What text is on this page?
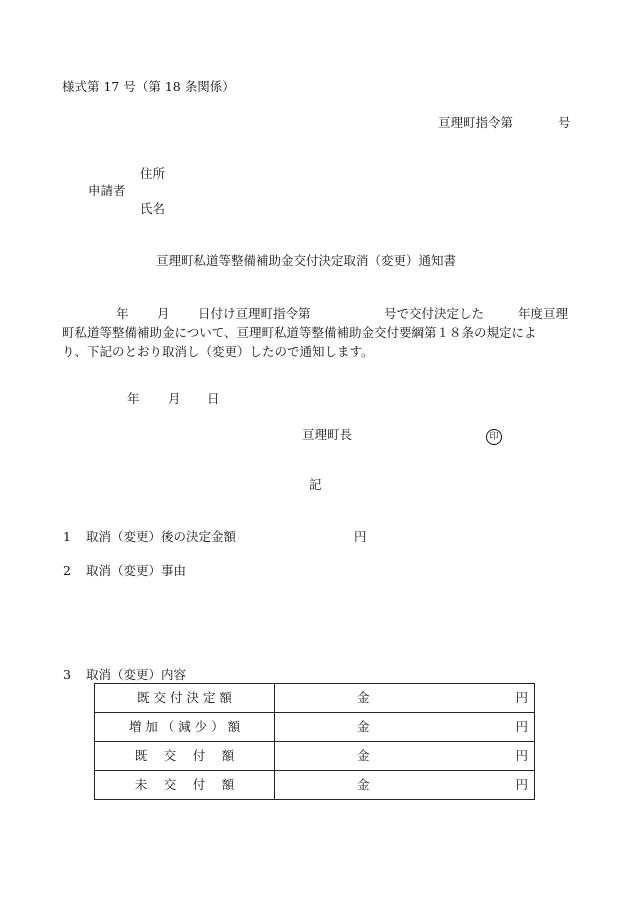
様式第 17 号（第 18 条関係）
亘理町指令第	号
住所
申請者
氏名
亘理町私道等整備補助金交付決定取消（変更）通知書
年 月 日付け亘理町指令第	号で交付決定した	年度亘理
町私道等整備補助金について、亘理町私道等整備補助金交付要綱第１８条の規定によ
り、下記のとおり取消し（変更）したので通知します。
年 月 日
亘理町長	印
記
1 取消（変更）後の決定金額	円
2 取消（変更）事由
3 取消（変更）内容
既 交 付 決 定 額	金 円

増 加 （ 減 少 ） 額	金 円

既　 交　 付　 額	金 円

未　 交　 付　 額	金 円
